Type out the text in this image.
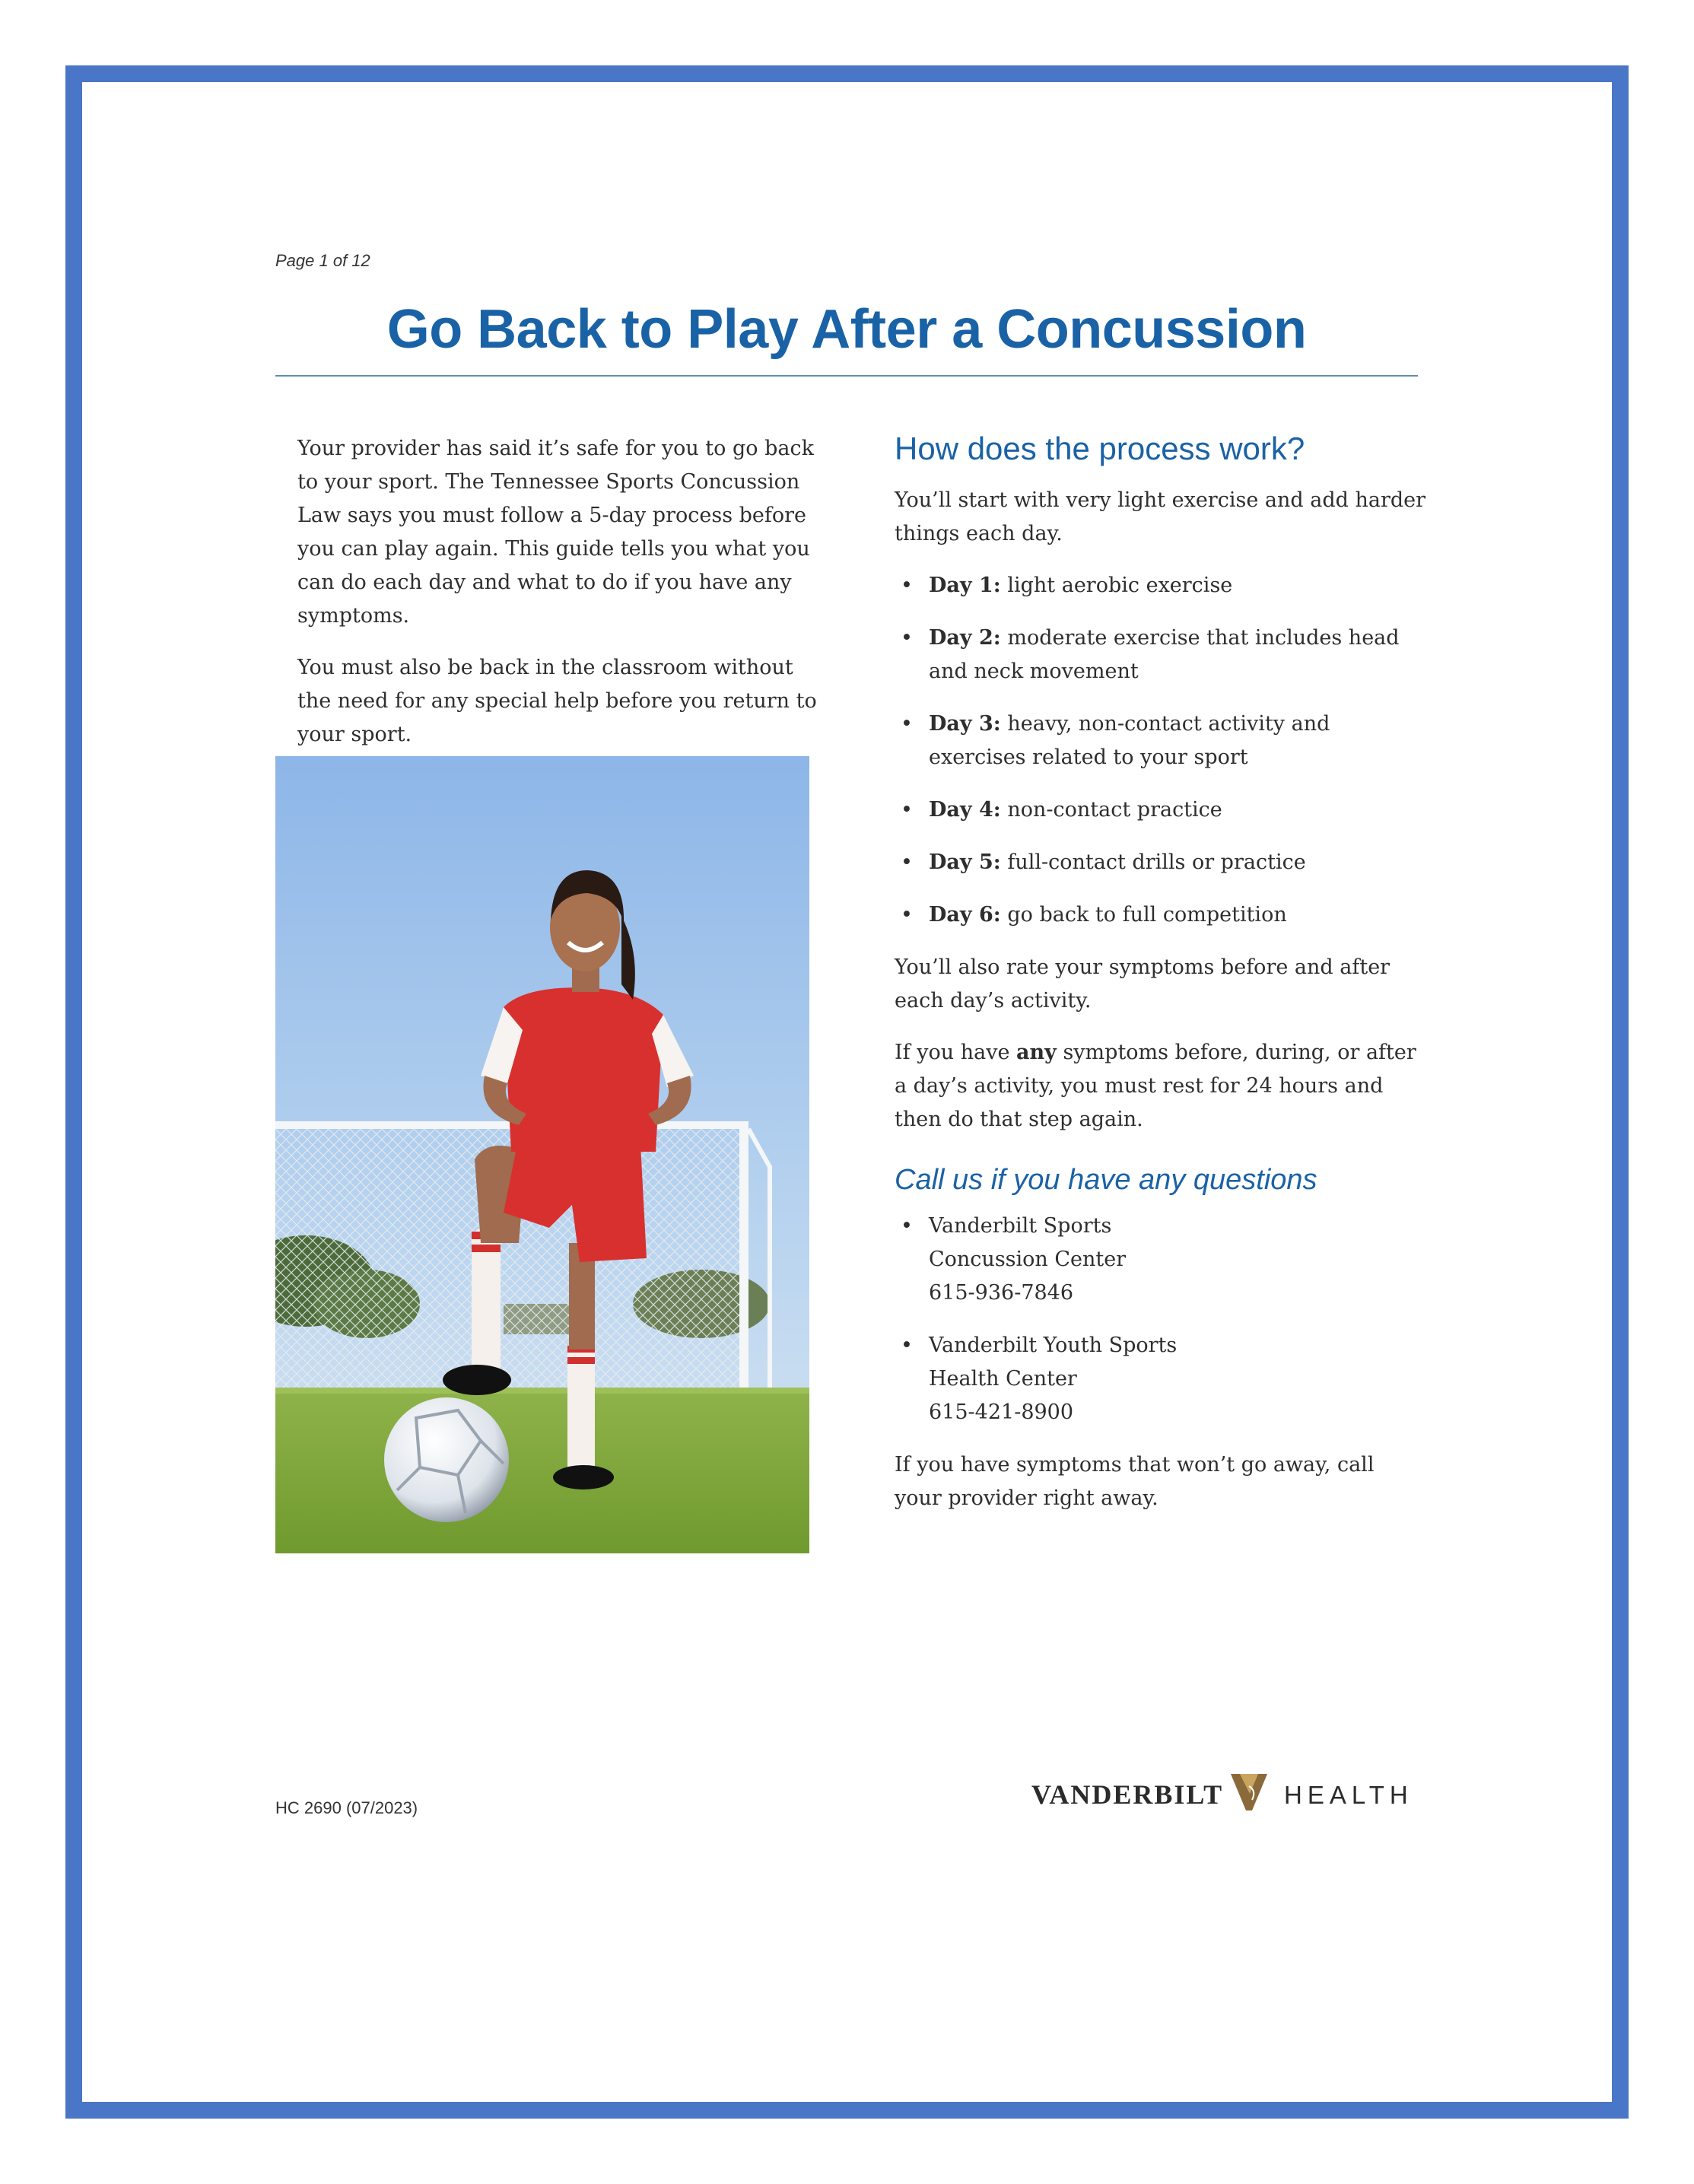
Page 1 of 12
Go Back to Play After a Concussion

Your provider has said it’s safe for you to go back to your sport. The Tennessee Sports Concussion Law says you must follow a 5-day process before you can play again. This guide tells you what you can do each day and what to do if you have any symptoms.

You must also be back in the classroom without the need for any special help before you return to your sport.

How does the process work?

You’ll start with very light exercise and add harder things each day.

• Day 1: light aerobic exercise
• Day 2: moderate exercise that includes head and neck movement
• Day 3: heavy, non-contact activity and exercises related to your sport
• Day 4: non-contact practice
• Day 5: full-contact drills or practice
• Day 6: go back to full competition

You’ll also rate your symptoms before and after each day’s activity.

If you have any symptoms before, during, or after a day’s activity, you must rest for 24 hours and then do that step again.

Call us if you have any questions
• Vanderbilt Sports
Concussion Center
615-936-7846
• Vanderbilt Youth Sports
Health Center
615-421-8900

If you have symptoms that won’t go away, call your provider right away.

HC 2690 (07/2023)	VANDERBILT HEALTH
